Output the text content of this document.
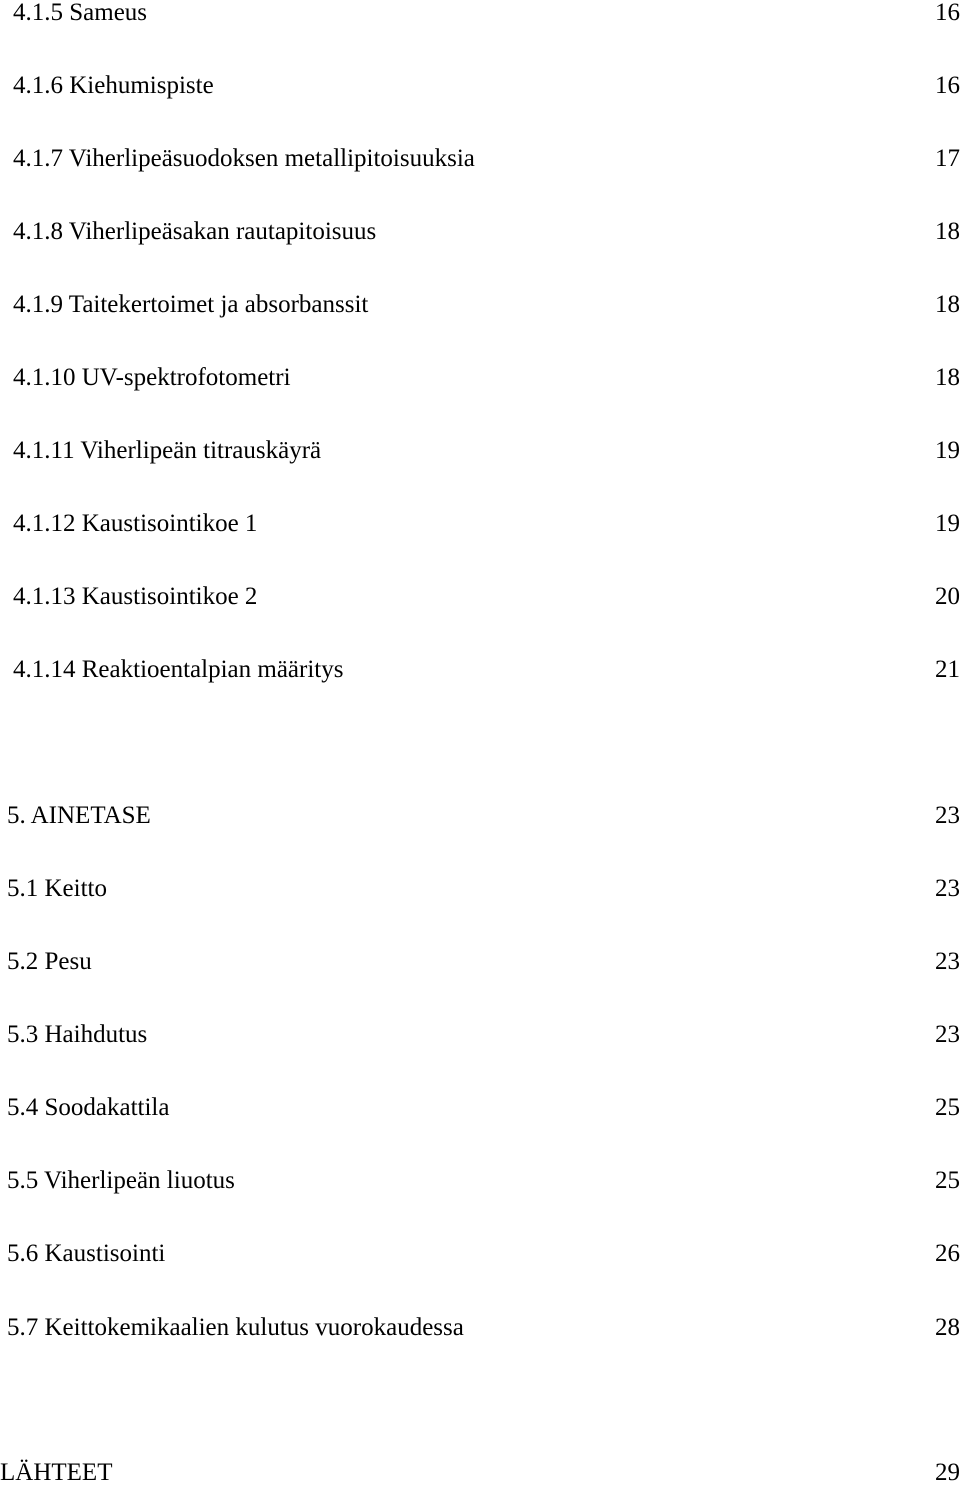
4.1.5 Sameus	16
4.1.6 Kiehumispiste	16
4.1.7 Viherlipeäsuodoksen metallipitoisuuksia	17
4.1.8 Viherlipeäsakan rautapitoisuus	18
4.1.9 Taitekertoimet ja absorbanssit	18
4.1.10 UV-spektrofotometri	18
4.1.11 Viherlipeän titrauskäyrä	19
4.1.12 Kaustisointikoe 1	19
4.1.13 Kaustisointikoe 2	20
4.1.14 Reaktioentalpian määritys	21
5. AINETASE	23
5.1 Keitto	23
5.2 Pesu	23
5.3 Haihdutus	23
5.4 Soodakattila	25
5.5 Viherlipeän liuotus	25
5.6 Kaustisointi	26
5.7 Keittokemikaalien kulutus vuorokaudessa	28
LÄHTEET	29
